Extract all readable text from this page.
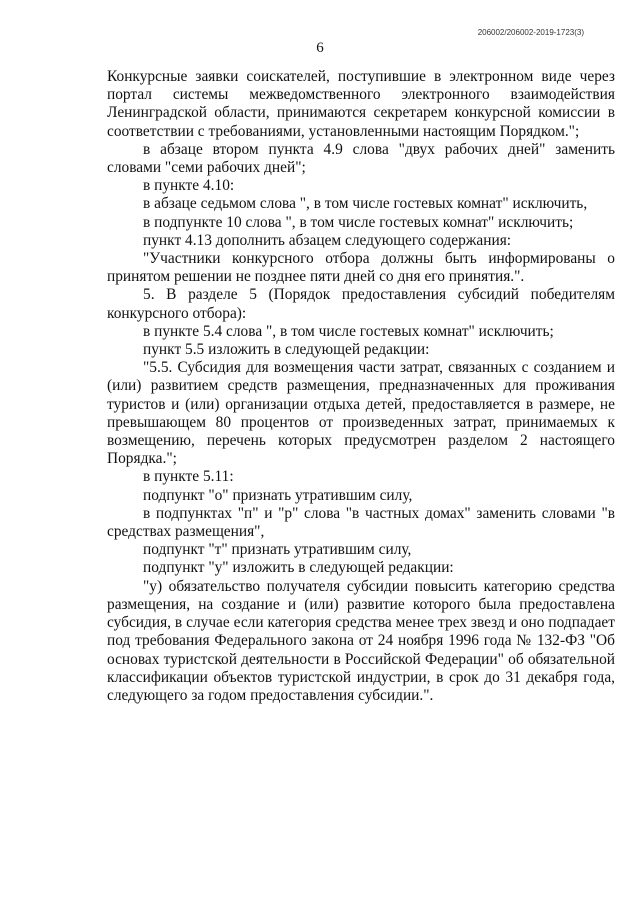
206002/206002-2019-1723(3)
6

Конкурсные заявки соискателей, поступившие в электронном виде через портал системы межведомственного электронного взаимодействия Ленинградской области, принимаются секретарем конкурсной комиссии в соответствии с требованиями, установленными настоящим Порядком.";

в абзаце втором пункта 4.9 слова "двух рабочих дней" заменить словами "семи рабочих дней";

в пункте 4.10:

в абзаце седьмом слова ", в том числе гостевых комнат" исключить,

в подпункте 10 слова ", в том числе гостевых комнат" исключить;

пункт 4.13 дополнить абзацем следующего содержания:

"Участники конкурсного отбора должны быть информированы о принятом решении не позднее пяти дней со дня его принятия.".

5. В разделе 5 (Порядок предоставления субсидий победителям конкурсного отбора):

в пункте 5.4 слова ", в том числе гостевых комнат" исключить;

пункт 5.5 изложить в следующей редакции:

"5.5. Субсидия для возмещения части затрат, связанных с созданием и (или) развитием средств размещения, предназначенных для проживания туристов и (или) организации отдыха детей, предоставляется в размере, не превышающем 80 процентов от произведенных затрат, принимаемых к возмещению, перечень которых предусмотрен разделом 2 настоящего Порядка.";

в пункте 5.11:

подпункт "о" признать утратившим силу,

в подпунктах "п" и "р" слова "в частных домах" заменить словами "в средствах размещения",

подпункт "т" признать утратившим силу,

подпункт "у" изложить в следующей редакции:

"у) обязательство получателя субсидии повысить категорию средства размещения, на создание и (или) развитие которого была предоставлена субсидия, в случае если категория средства менее трех звезд и оно подпадает под требования Федерального закона от 24 ноября 1996 года № 132-ФЗ "Об основах туристской деятельности в Российской Федерации" об обязательной классификации объектов туристской индустрии, в срок до 31 декабря года, следующего за годом предоставления субсидии.".
